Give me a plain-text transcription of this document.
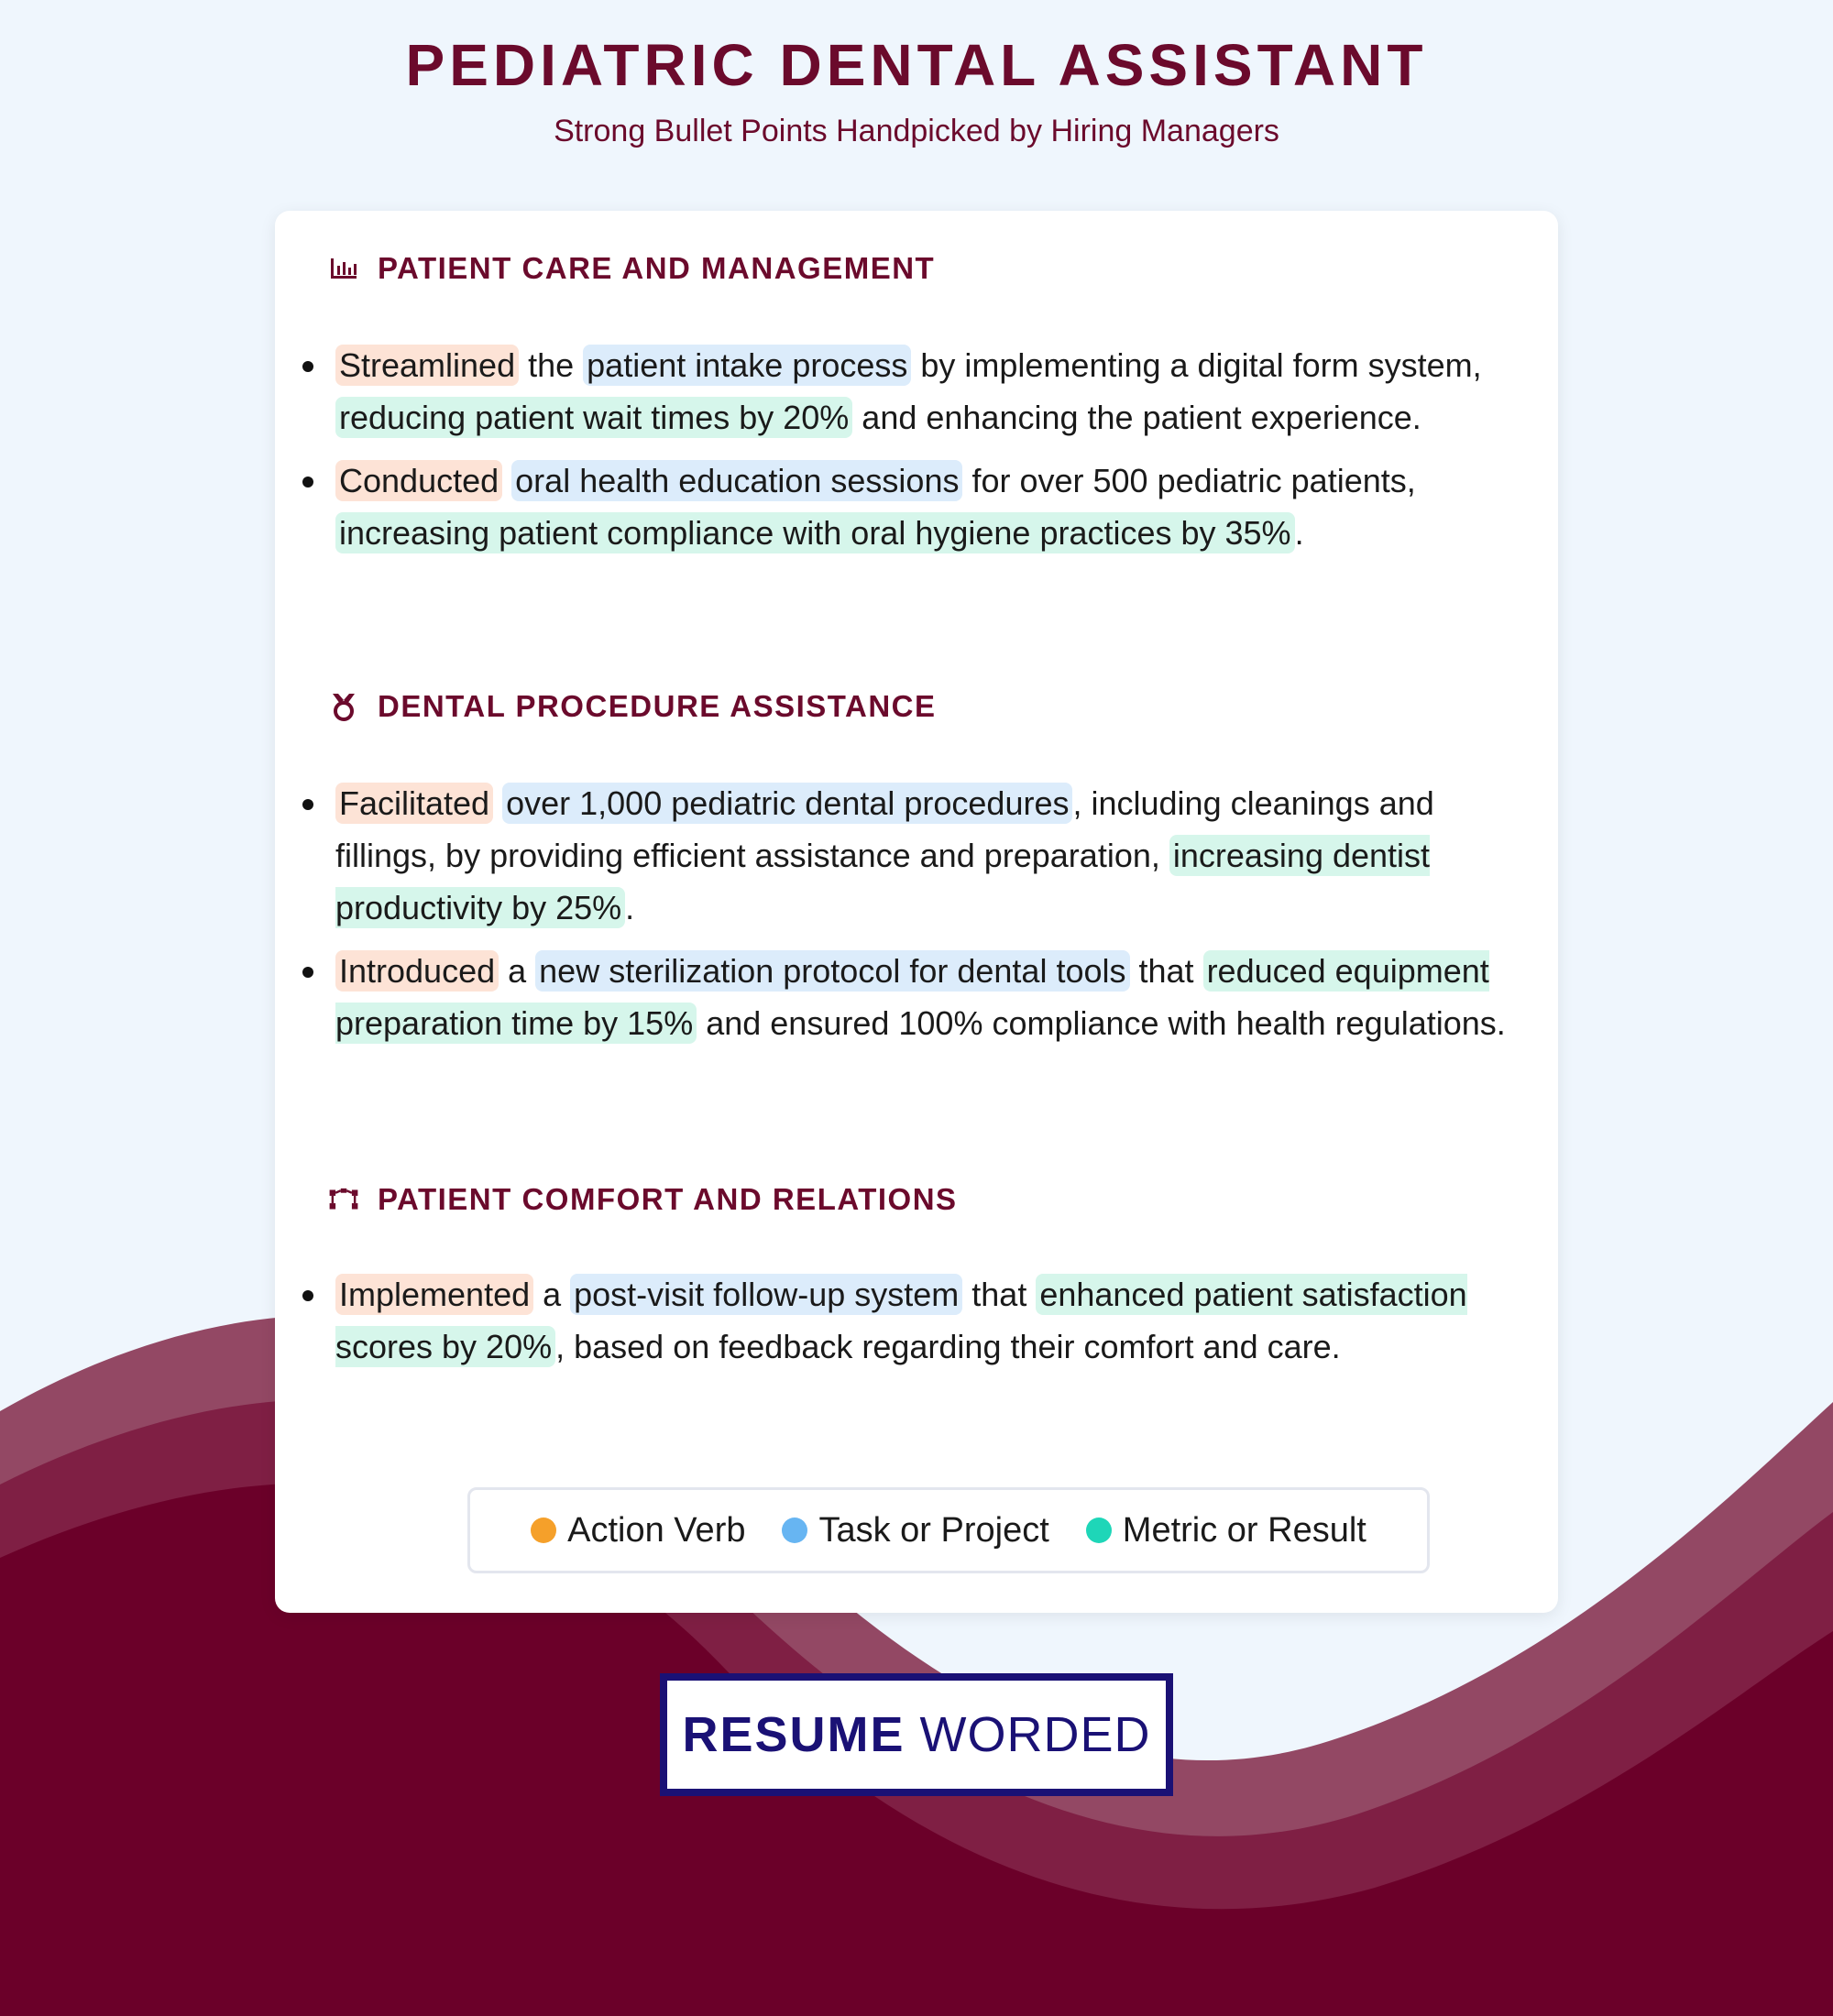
PEDIATRIC DENTAL ASSISTANT

Strong Bullet Points Handpicked by Hiring Managers

PATIENT CARE AND MANAGEMENT
Streamlined the patient intake process by implementing a digital form system, reducing patient wait times by 20% and enhancing the patient experience.
Conducted oral health education sessions for over 500 pediatric patients, increasing patient compliance with oral hygiene practices by 35% .
DENTAL PROCEDURE ASSISTANCE
Facilitated over 1,000 pediatric dental procedures , including cleanings and fillings, by providing efficient assistance and preparation, increasing dentist productivity by 25% .
Introduced a new sterilization protocol for dental tools that reduced equipment preparation time by 15% and ensured 100% compliance with health regulations.
PATIENT COMFORT AND RELATIONS
Implemented a post-visit follow-up system that enhanced patient satisfaction scores by 20% , based on feedback regarding their comfort and care.
Action Verb Task or Project Metric or Result
RESUME WORDED
